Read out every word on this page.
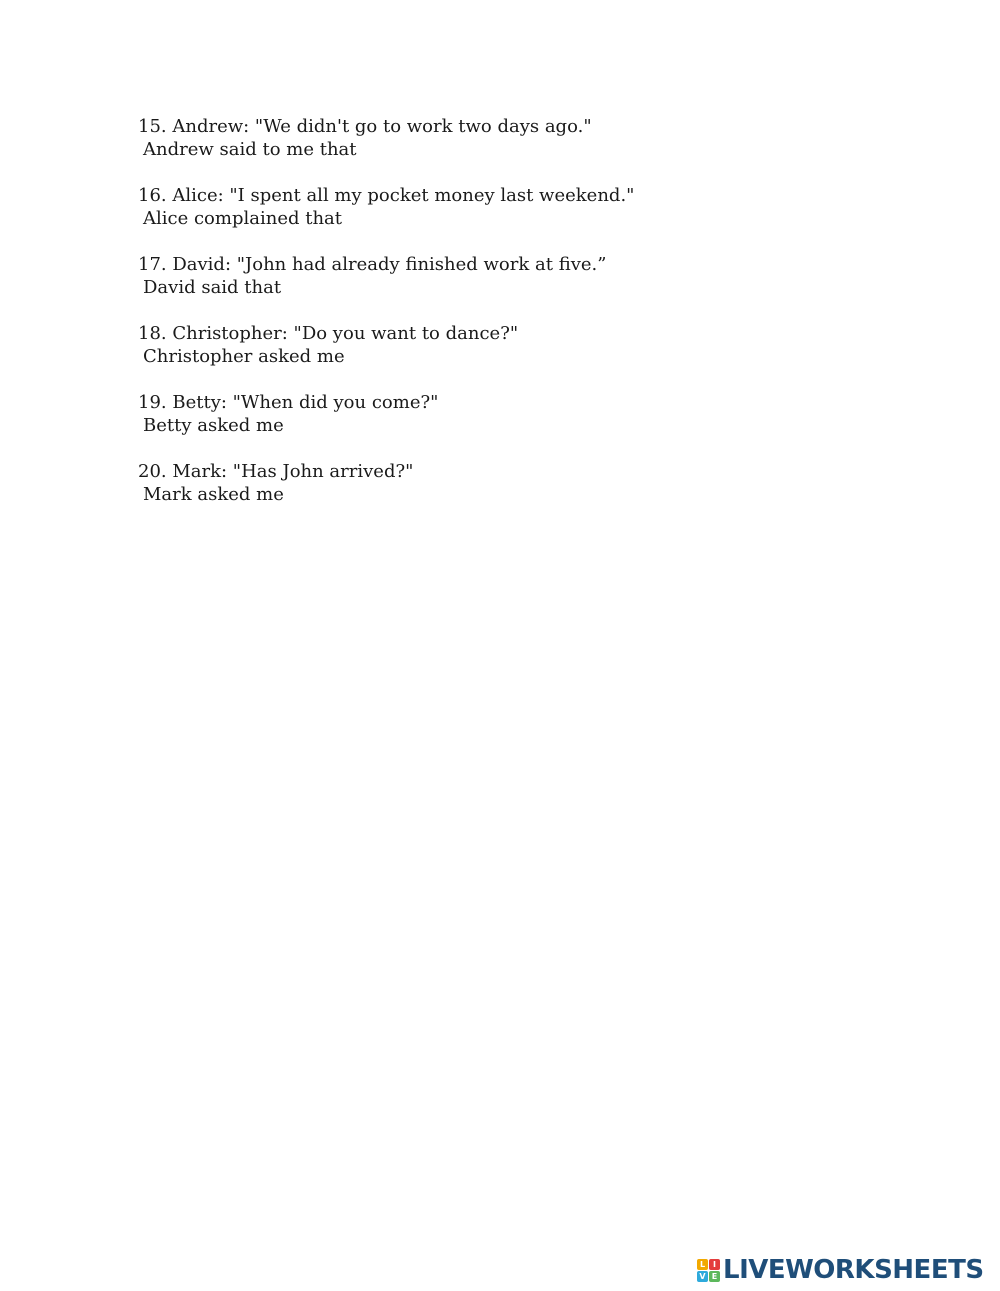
15. Andrew: "We didn't go to work two days ago."
Andrew said to me that
16. Alice: "I spent all my pocket money last weekend."
Alice complained that
17. David: "John had already finished work at five.”
David said that
18. Christopher: "Do you want to dance?"
Christopher asked me
19. Betty: "When did you come?"
Betty asked me
20. Mark: "Has John arrived?"
Mark asked me
L I
V E LIVEWORKSHEETS
